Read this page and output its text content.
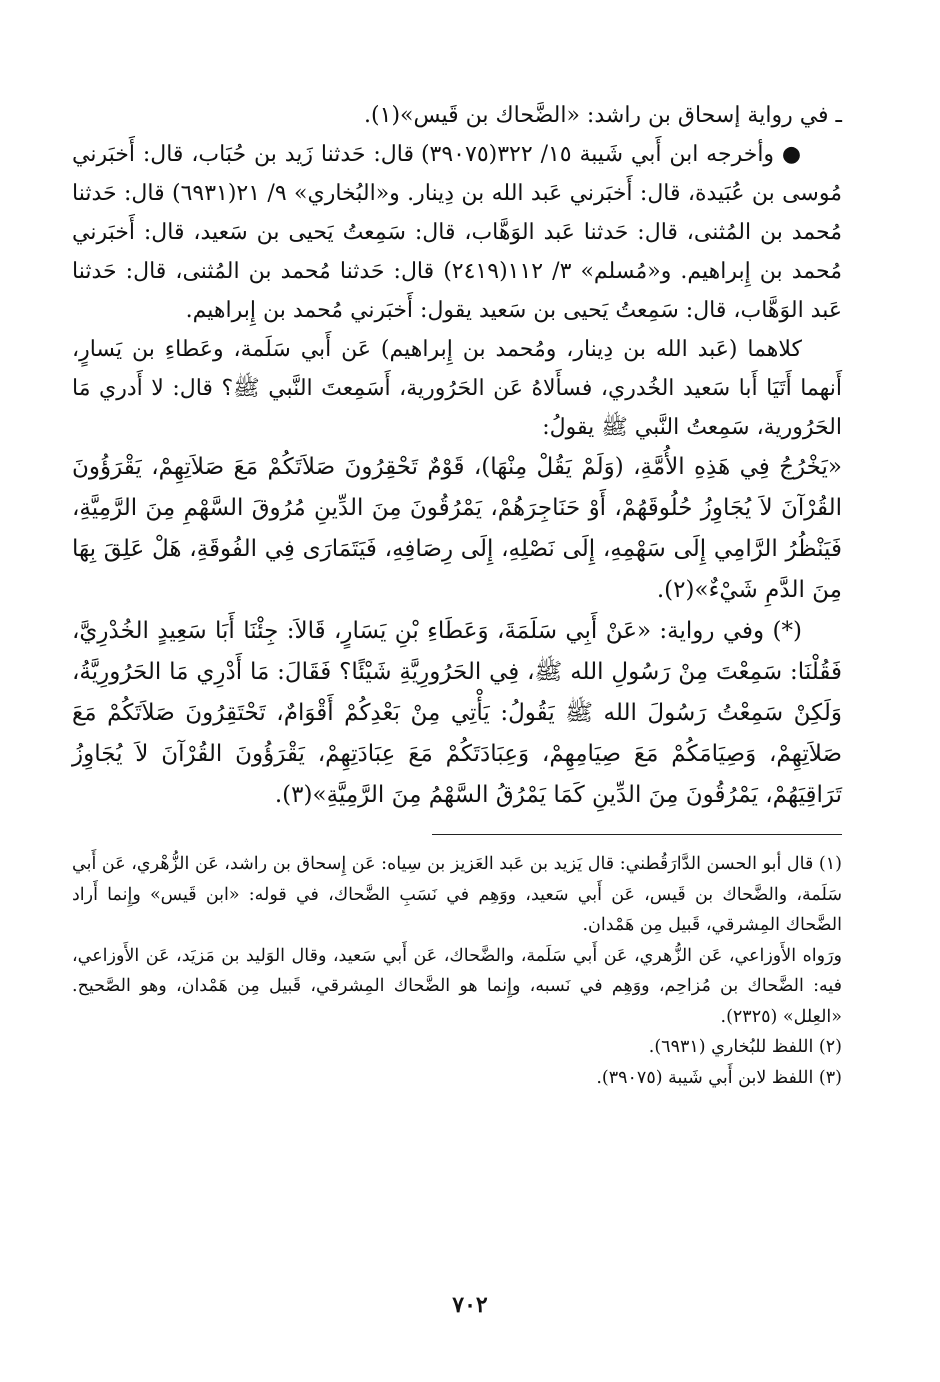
ـ في رواية إسحاق بن راشد: «الضَّحاك بن قَيس»(١).

● وأخرجه ابن أَبي شَيبة ١٥/ ٣٢٢(٣٩٠٧٥) قال: حَدثنا زَيد بن حُبَاب، قال: أَخبَرني مُوسى بن عُبَيدة، قال: أَخبَرني عَبد الله بن دِينار. و«البُخاري» ٩/ ٢١(٦٩٣١) قال: حَدثنا مُحمد بن المُثنى، قال: حَدثنا عَبد الوَهَّاب، قال: سَمِعتُ يَحيى بن سَعيد، قال: أَخبَرني مُحمد بن إِبراهيم. و«مُسلم» ٣/ ١١٢(٢٤١٩) قال: حَدثنا مُحمد بن المُثنى، قال: حَدثنا عَبد الوَهَّاب، قال: سَمِعتُ يَحيى بن سَعيد يقول: أَخبَرني مُحمد بن إِبراهيم.

كلاهما (عَبد الله بن دِينار، ومُحمد بن إِبراهيم) عَن أَبي سَلَمة، وعَطاءِ بن يَسارٍ، أَنهما أَتَيَا أَبا سَعيد الخُدري، فسأَلاهُ عَن الحَرُورية، أَسَمِعتَ النَّبي ﷺ؟ قال: لا أَدري مَا الحَرُورية، سَمِعتُ النَّبي ﷺ يقولُ:

«يَخْرُجُ فِي هَذِهِ الأُمَّةِ، (وَلَمْ يَقُلْ مِنْهَا)، قَوْمٌ تَحْقِرُونَ صَلاَتَكُمْ مَعَ صَلاَتِهِمْ، يَقْرَؤُونَ القُرْآنَ لاَ يُجَاوِزُ حُلُوقَهُمْ، أَوْ حَنَاجِرَهُمْ، يَمْرُقُونَ مِنَ الدِّينِ مُرُوقَ السَّهْمِ مِنَ الرَّمِيَّةِ، فَيَنْظُرُ الرَّامِي إِلَى سَهْمِهِ، إِلَى نَصْلِهِ، إِلَى رِصَافِهِ، فَيَتَمَارَى فِي الفُوقَةِ، هَلْ عَلِقَ بِهَا مِنَ الدَّمِ شَيْءٌ»(٢).

(*) وفي رواية: «عَنْ أَبِي سَلَمَةَ، وَعَطَاءِ بْنِ يَسَارٍ، قَالاَ: جِئْنَا أَبَا سَعِيدٍ الخُدْرِيَّ، فَقُلْنَا: سَمِعْتَ مِنْ رَسُولِ الله ﷺ، فِي الحَرُورِيَّةِ شَيْئًا؟ فَقَالَ: مَا أَدْرِي مَا الحَرُورِيَّةُ، وَلَكِنْ سَمِعْتُ رَسُولَ الله ﷺ يَقُولُ: يَأْتِي مِنْ بَعْدِكُمْ أَقْوَامٌ، تَحْتَقِرُونَ صَلاَتَكُمْ مَعَ صَلاَتِهِمْ، وَصِيَامَكُمْ مَعَ صِيَامِهِمْ، وَعِبَادَتَكُمْ مَعَ عِبَادَتِهِمْ، يَقْرَؤُونَ القُرْآنَ لاَ يُجَاوِزُ تَرَاقِيَهُمْ، يَمْرُقُونَ مِنَ الدِّينِ كَمَا يَمْرُقُ السَّهْمُ مِنَ الرَّمِيَّةِ»(٣).

(١) قال أبو الحسن الدَّارَقُطني: قال يَزيد بن عَبد العَزيز بن سِياه: عَن إِسحاق بن راشد، عَن الزُّهْري، عَن أَبي سَلَمة، والضَّحاك بن قَيس، عَن أَبي سَعيد، ووَهِم في نَسَبِ الضَّحاك، في قوله: «ابن قَيس» وإِنما أَراد الضَّحاك المِشرقي، قَبيل مِن هَمْدان.

ورَواه الأَوزاعي، عَن الزُّهري، عَن أَبي سَلَمة، والضَّحاك، عَن أَبي سَعيد، وقال الوَليد بن مَزيَد، عَن الأَوزاعي، فيه: الضَّحاك بن مُزاحِم، ووَهِم في نَسبه، وإِنما هو الضَّحاك المِشرقي، قَبيل مِن هَمْدان، وهو الصَّحيح. «العِلل» (٢٣٢٥).

(٢) اللفظ للبُخاري (٦٩٣١).

(٣) اللفظ لابن أَبي شَيبة (٣٩٠٧٥).

٧٠٢
